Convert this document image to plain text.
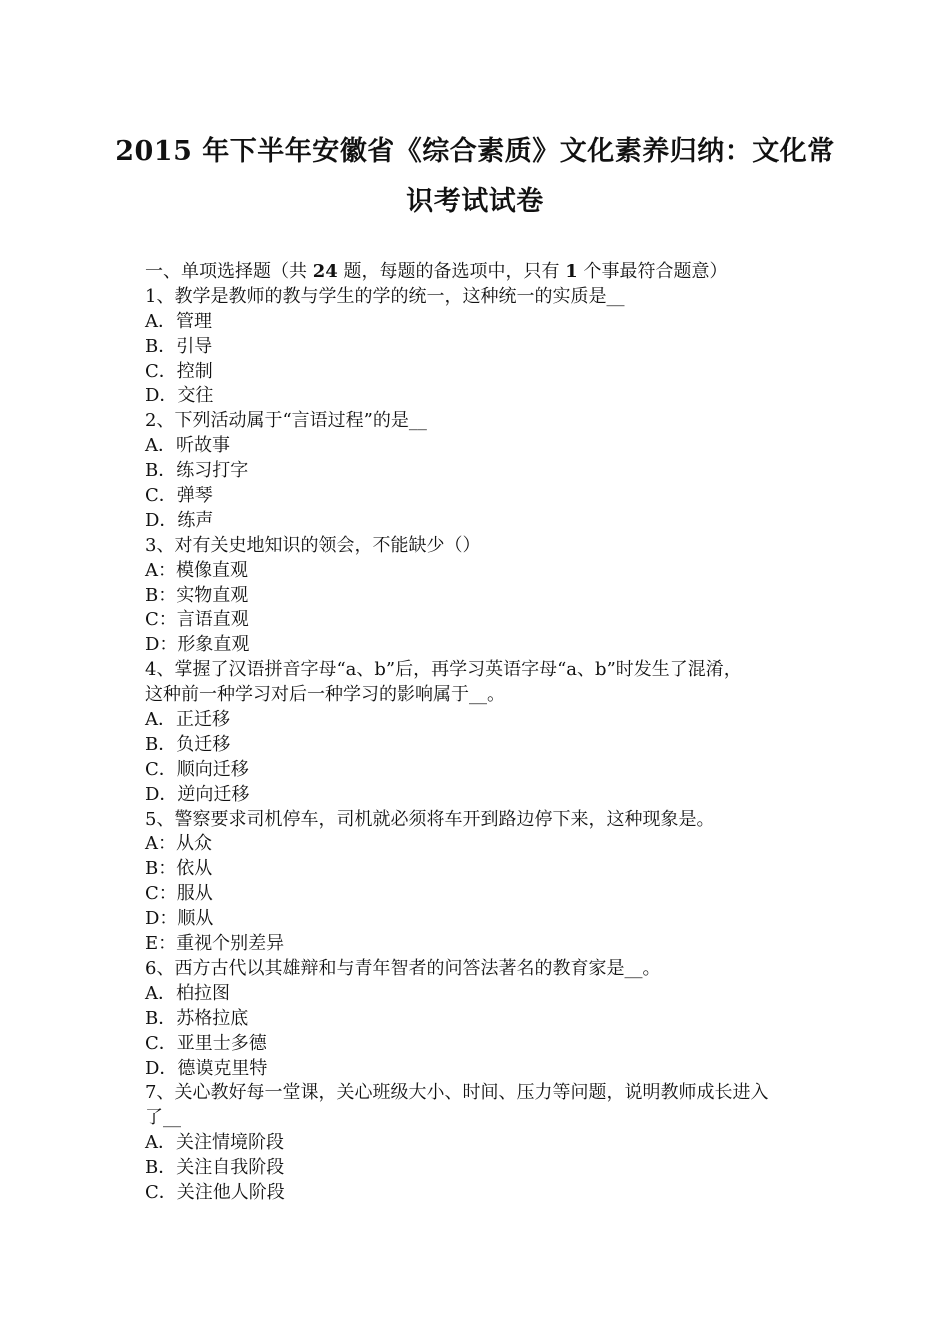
2015 年下半年安徽省《综合素质》文化素养归纳：文化常
识考试试卷
一、单项选择题（共 24 题，每题的备选项中，只有 1 个事最符合题意）
1、教学是教师的教与学生的学的统一，这种统一的实质是__
A．管理
B．引导
C．控制
D．交往
2、下列活动属于“言语过程”的是__
A．听故事
B．练习打字
C．弹琴
D．练声
3、对有关史地知识的领会，不能缺少（）
A：模像直观
B：实物直观
C：言语直观
D：形象直观
4、掌握了汉语拼音字母“a、b”后，再学习英语字母“a、b”时发生了混淆，
这种前一种学习对后一种学习的影响属于__。
A．正迁移
B．负迁移
C．顺向迁移
D．逆向迁移
5、警察要求司机停车，司机就必须将车开到路边停下来，这种现象是。
A：从众
B：依从
C：服从
D：顺从
E：重视个别差异
6、西方古代以其雄辩和与青年智者的问答法著名的教育家是__。
A．柏拉图
B．苏格拉底
C．亚里士多德
D．德谟克里特
7、关心教好每一堂课，关心班级大小、时间、压力等问题，说明教师成长进入
了__
A．关注情境阶段
B．关注自我阶段
C．关注他人阶段
